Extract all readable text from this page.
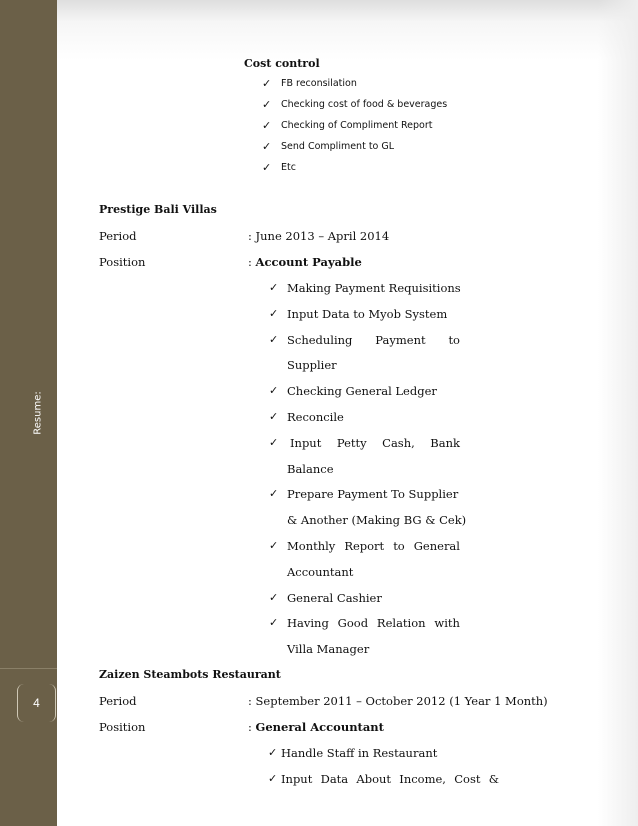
Resume:
4
Cost control
✓ FB reconsilation
✓ Checking cost of food & beverages
✓ Checking of Compliment Report
✓ Send Compliment to GL
✓ Etc
Prestige Bali Villas
Period	: June 2013 – April 2014
Position	: Account Payable
✓ Making Payment Requisitions
✓ Input Data to Myob System
✓ Scheduling Payment to
Supplier
✓ Checking General Ledger
✓ Reconcile
✓ Input Petty Cash, Bank
Balance
✓ Prepare Payment To Supplier
& Another (Making BG & Cek)
✓ Monthly Report to General
Accountant
✓ General Cashier
✓ Having Good Relation with
Villa Manager
Zaizen Steambots Restaurant
Period	: September 2011 – October 2012 (1 Year 1 Month)
Position	: General Accountant
✓ Handle Staff in Restaurant
✓ Input Data About Income, Cost &
